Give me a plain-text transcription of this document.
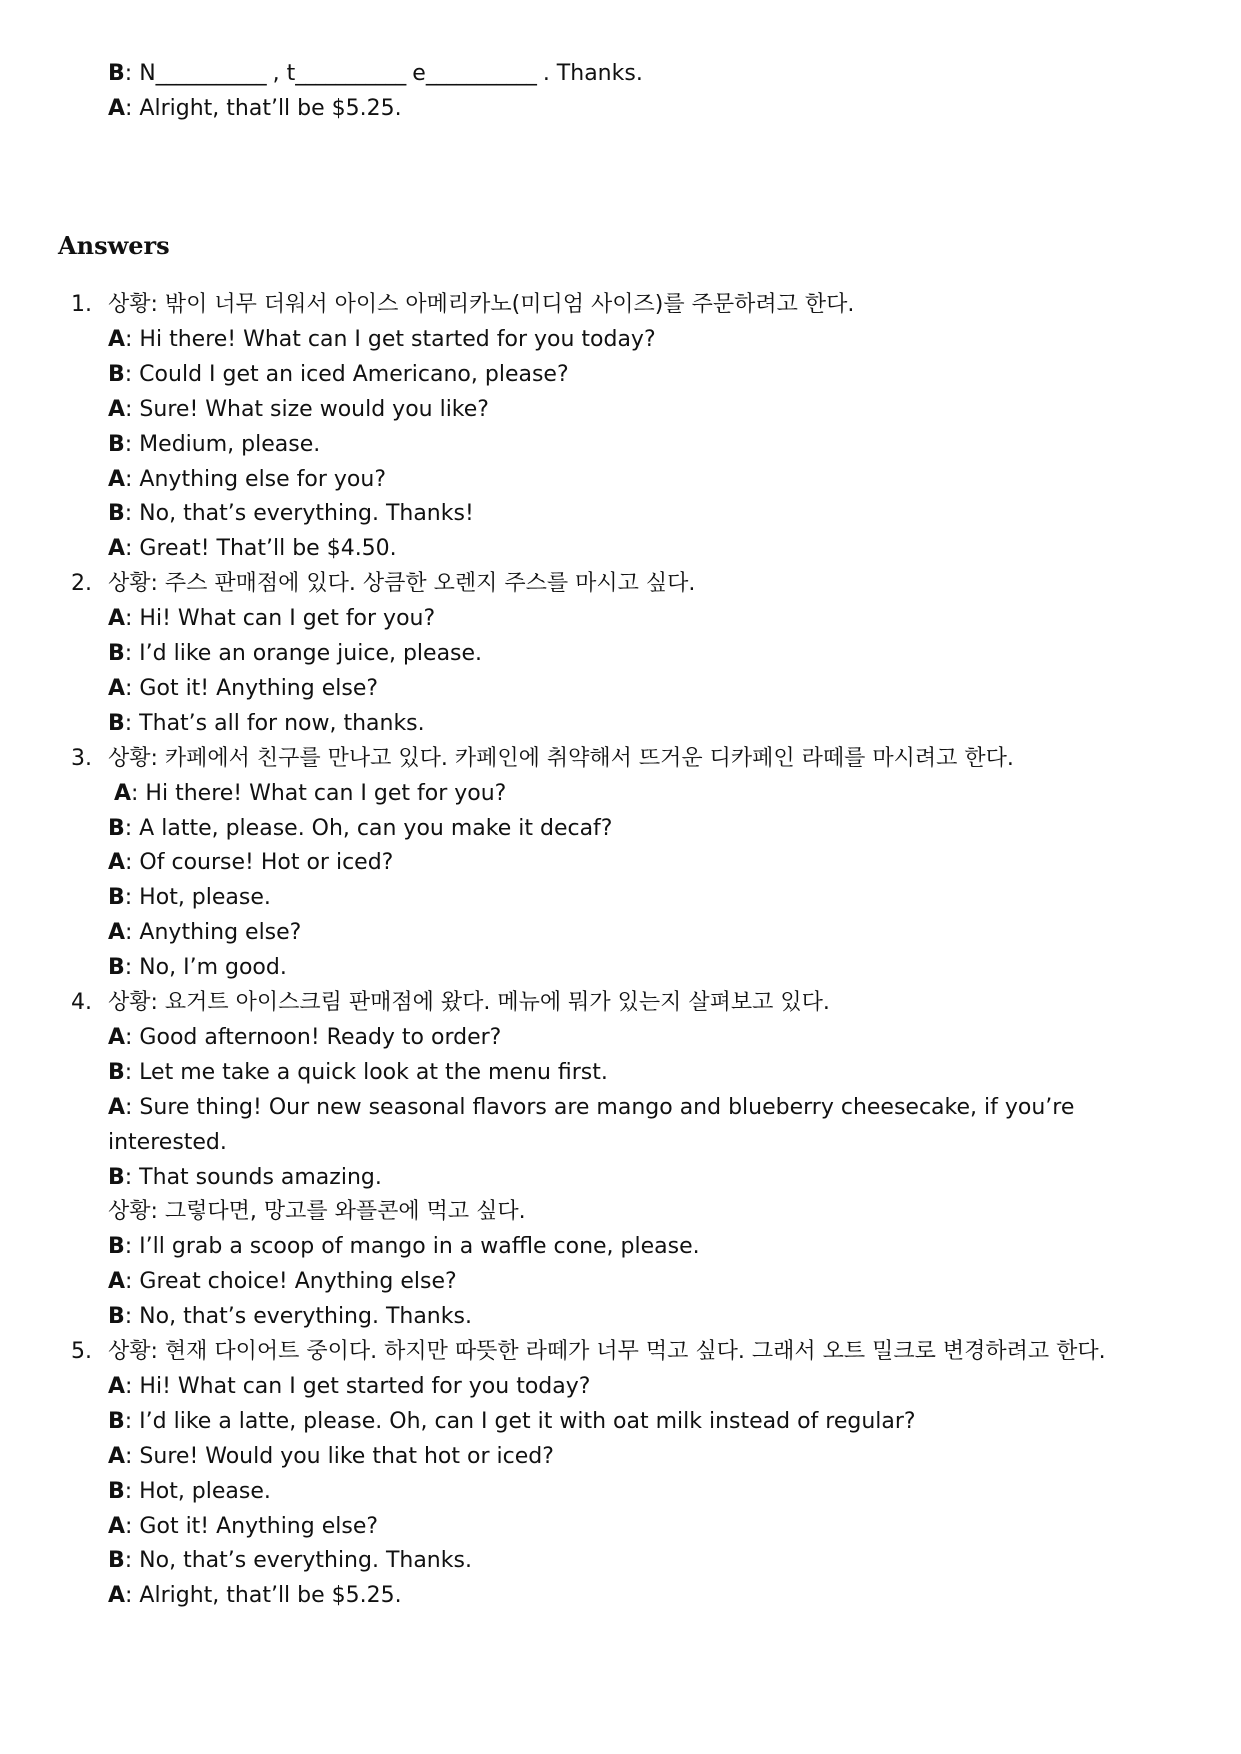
B: N___________ , t___________ e___________ . Thanks.
A: Alright, that’ll be $5.25.
Answers
1. 상황: 밖이 너무 더워서 아이스 아메리카노(미디엄 사이즈)를 주문하려고 한다.
A: Hi there! What can I get started for you today?
B: Could I get an iced Americano, please?
A: Sure! What size would you like?
B: Medium, please.
A: Anything else for you?
B: No, that’s everything. Thanks!
A: Great! That’ll be $4.50.
2. 상황: 주스 판매점에 있다. 상큼한 오렌지 주스를 마시고 싶다.
A: Hi! What can I get for you?
B: I’d like an orange juice, please.
A: Got it! Anything else?
B: That’s all for now, thanks.
3. 상황: 카페에서 친구를 만나고 있다. 카페인에 취약해서 뜨거운 디카페인 라떼를 마시려고 한다.
A: Hi there! What can I get for you?
B: A latte, please. Oh, can you make it decaf?
A: Of course! Hot or iced?
B: Hot, please.
A: Anything else?
B: No, I’m good.
4. 상황: 요거트 아이스크림 판매점에 왔다. 메뉴에 뭐가 있는지 살펴보고 있다.
A: Good afternoon! Ready to order?
B: Let me take a quick look at the menu first.
A: Sure thing! Our new seasonal flavors are mango and blueberry cheesecake, if you’re
interested.
B: That sounds amazing.
상황: 그렇다면, 망고를 와플콘에 먹고 싶다.
B: I’ll grab a scoop of mango in a waffle cone, please.
A: Great choice! Anything else?
B: No, that’s everything. Thanks.
5. 상황: 현재 다이어트 중이다. 하지만 따뜻한 라떼가 너무 먹고 싶다. 그래서 오트 밀크로 변경하려고 한다.
A: Hi! What can I get started for you today?
B: I’d like a latte, please. Oh, can I get it with oat milk instead of regular?
A: Sure! Would you like that hot or iced?
B: Hot, please.
A: Got it! Anything else?
B: No, that’s everything. Thanks.
A: Alright, that’ll be $5.25.
